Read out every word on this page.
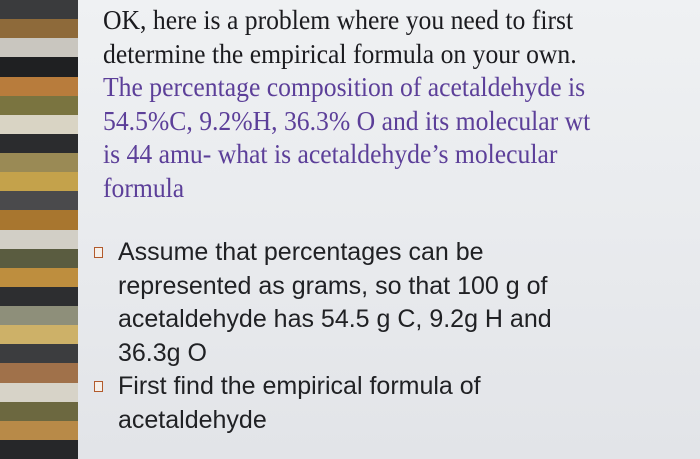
OK, here is a problem where you need to first
determine the empirical formula on your own.
The percentage composition of acetaldehyde is
54.5%C, 9.2%H, 36.3% O and its molecular wt
is 44 amu- what is acetaldehyde’s molecular
formula
Assume that percentages can be
represented as grams, so that 100 g of
acetaldehyde has 54.5 g C, 9.2g H and
36.3g O
First find the empirical formula of
acetaldehyde
